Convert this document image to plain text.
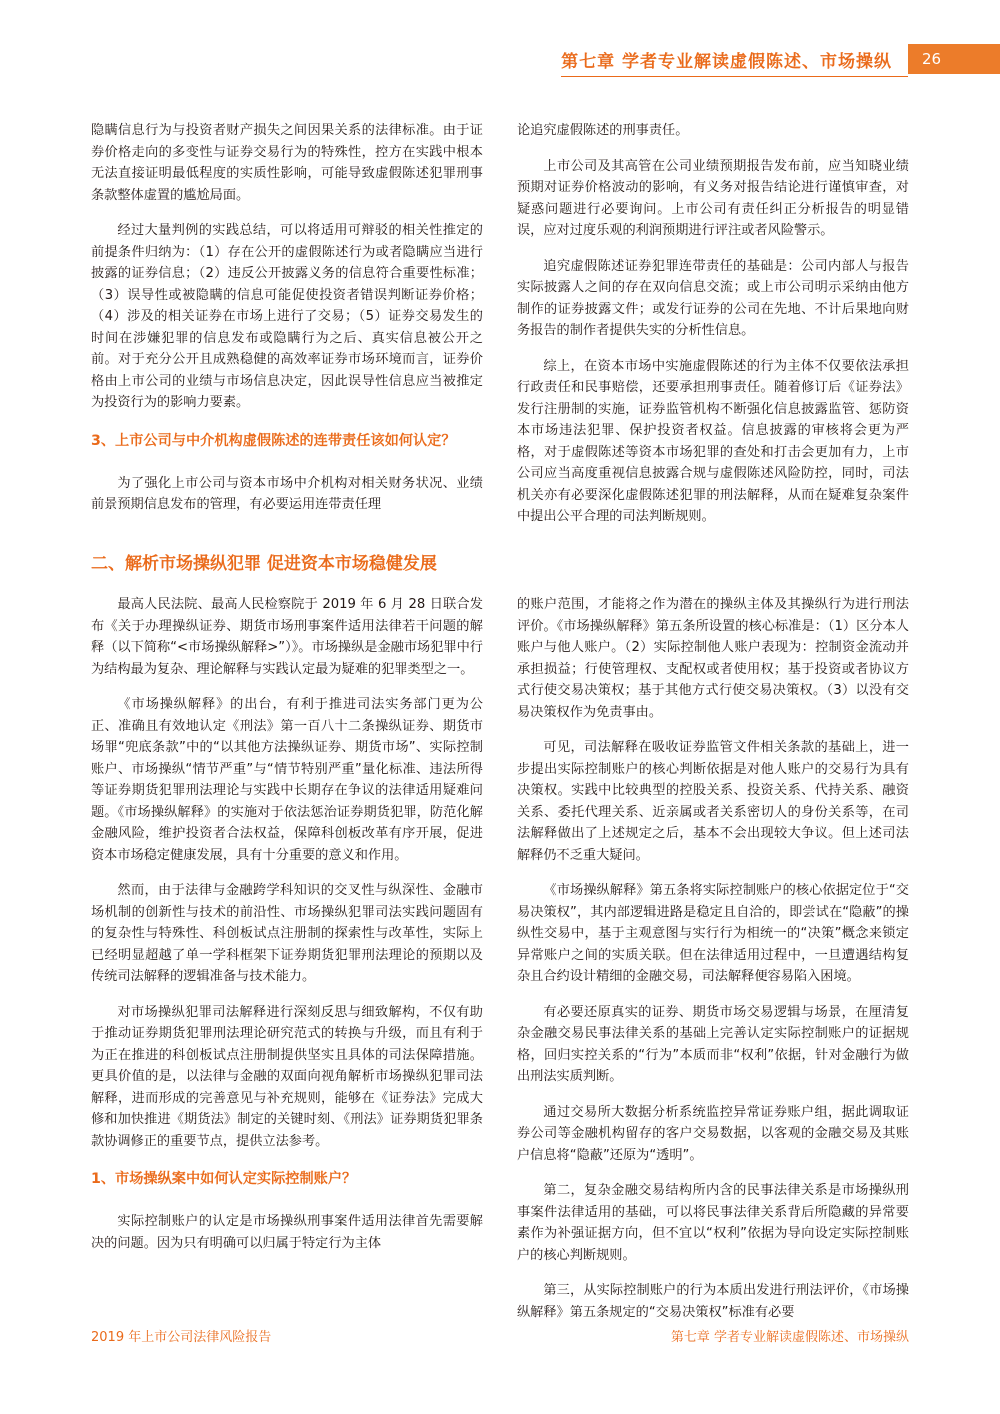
第七章 学者专业解读虚假陈述、市场操纵	26

隐瞒信息行为与投资者财产损失之间因果关系的法律标准。由于证券价格走向的多变性与证券交易行为的特殊性，控方在实践中根本无法直接证明最低程度的实质性影响，可能导致虚假陈述犯罪刑事条款整体虚置的尴尬局面。

经过大量判例的实践总结，可以将适用可辩驳的相关性推定的前提条件归纳为：（1）存在公开的虚假陈述行为或者隐瞒应当进行披露的证券信息；（2）违反公开披露义务的信息符合重要性标准；（3）误导性或被隐瞒的信息可能促使投资者错误判断证券价格；（4）涉及的相关证券在市场上进行了交易；（5）证券交易发生的时间在涉嫌犯罪的信息发布或隐瞒行为之后、真实信息被公开之前。对于充分公开且成熟稳健的高效率证券市场环境而言，证券价格由上市公司的业绩与市场信息决定，因此误导性信息应当被推定为投资行为的影响力要素。

3、上市公司与中介机构虚假陈述的连带责任该如何认定？

为了强化上市公司与资本市场中介机构对相关财务状况、业绩前景预期信息发布的管理，有必要运用连带责任理

论追究虚假陈述的刑事责任。

上市公司及其高管在公司业绩预期报告发布前，应当知晓业绩预期对证券价格波动的影响，有义务对报告结论进行谨慎审查，对疑惑问题进行必要询问。上市公司有责任纠正分析报告的明显错误，应对过度乐观的利润预期进行评注或者风险警示。

追究虚假陈述证券犯罪连带责任的基础是：公司内部人与报告实际披露人之间的存在双向信息交流；或上市公司明示采纳由他方制作的证券披露文件；或发行证券的公司在先地、不计后果地向财务报告的制作者提供失实的分析性信息。

综上，在资本市场中实施虚假陈述的行为主体不仅要依法承担行政责任和民事赔偿，还要承担刑事责任。随着修订后《证券法》发行注册制的实施，证券监管机构不断强化信息披露监管、惩防资本市场违法犯罪、保护投资者权益。信息披露的审核将会更为严格，对于虚假陈述等资本市场犯罪的查处和打击会更加有力，上市公司应当高度重视信息披露合规与虚假陈述风险防控，同时，司法机关亦有必要深化虚假陈述犯罪的刑法解释，从而在疑难复杂案件中提出公平合理的司法判断规则。

二、解析市场操纵犯罪 促进资本市场稳健发展

最高人民法院、最高人民检察院于 2019 年 6 月 28 日联合发布《关于办理操纵证券、期货市场刑事案件适用法律若干问题的解释（以下简称“<市场操纵解释>”）》。市场操纵是金融市场犯罪中行为结构最为复杂、理论解释与实践认定最为疑难的犯罪类型之一。

《市场操纵解释》的出台，有利于推进司法实务部门更为公正、准确且有效地认定《刑法》第一百八十二条操纵证券、期货市场罪“兜底条款”中的“以其他方法操纵证券、期货市场”、实际控制账户、市场操纵“情节严重”与“情节特别严重”量化标准、违法所得等证券期货犯罪刑法理论与实践中长期存在争议的法律适用疑难问题。《市场操纵解释》的实施对于依法惩治证券期货犯罪，防范化解金融风险，维护投资者合法权益，保障科创板改革有序开展，促进资本市场稳定健康发展，具有十分重要的意义和作用。

然而，由于法律与金融跨学科知识的交叉性与纵深性、金融市场机制的创新性与技术的前沿性、市场操纵犯罪司法实践问题固有的复杂性与特殊性、科创板试点注册制的探索性与改革性，实际上已经明显超越了单一学科框架下证券期货犯罪刑法理论的预期以及传统司法解释的逻辑准备与技术能力。

对市场操纵犯罪司法解释进行深刻反思与细致解构，不仅有助于推动证券期货犯罪刑法理论研究范式的转换与升级，而且有利于为正在推进的科创板试点注册制提供坚实且具体的司法保障措施。更具价值的是，以法律与金融的双面向视角解析市场操纵犯罪司法解释，进而形成的完善意见与补充规则，能够在《证券法》完成大修和加快推进《期货法》制定的关键时刻、《刑法》证券期货犯罪条款协调修正的重要节点，提供立法参考。

1、市场操纵案中如何认定实际控制账户？

实际控制账户的认定是市场操纵刑事案件适用法律首先需要解决的问题。因为只有明确可以归属于特定行为主体

的账户范围，才能将之作为潜在的操纵主体及其操纵行为进行刑法评价。《市场操纵解释》第五条所设置的核心标准是：（1）区分本人账户与他人账户。（2）实际控制他人账户表现为：控制资金流动并承担损益；行使管理权、支配权或者使用权；基于投资或者协议方式行使交易决策权；基于其他方式行使交易决策权。（3）以没有交易决策权作为免责事由。

可见，司法解释在吸收证券监管文件相关条款的基础上，进一步提出实际控制账户的核心判断依据是对他人账户的交易行为具有决策权。实践中比较典型的控股关系、投资关系、代持关系、融资关系、委托代理关系、近亲属或者关系密切人的身份关系等，在司法解释做出了上述规定之后，基本不会出现较大争议。但上述司法解释仍不乏重大疑问。

《市场操纵解释》第五条将实际控制账户的核心依据定位于“交易决策权”，其内部逻辑进路是稳定且自洽的，即尝试在“隐蔽”的操纵性交易中，基于主观意图与实行行为相统一的“决策”概念来锁定异常账户之间的实质关联。但在法律适用过程中，一旦遭遇结构复杂且合约设计精细的金融交易，司法解释便容易陷入困境。

有必要还原真实的证券、期货市场交易逻辑与场景，在厘清复杂金融交易民事法律关系的基础上完善认定实际控制账户的证据规格，回归实控关系的“行为”本质而非“权利”依据，针对金融行为做出刑法实质判断。

通过交易所大数据分析系统监控异常证券账户组，据此调取证券公司等金融机构留存的客户交易数据，以客观的金融交易及其账户信息将“隐蔽”还原为“透明”。

第二，复杂金融交易结构所内含的民事法律关系是市场操纵刑事案件法律适用的基础，可以将民事法律关系背后所隐藏的异常要素作为补强证据方向，但不宜以“权利”依据为导向设定实际控制账户的核心判断规则。

第三，从实际控制账户的行为本质出发进行刑法评价，《市场操纵解释》第五条规定的“交易决策权”标准有必要

2019 年上市公司法律风险报告	第七章 学者专业解读虚假陈述、市场操纵
